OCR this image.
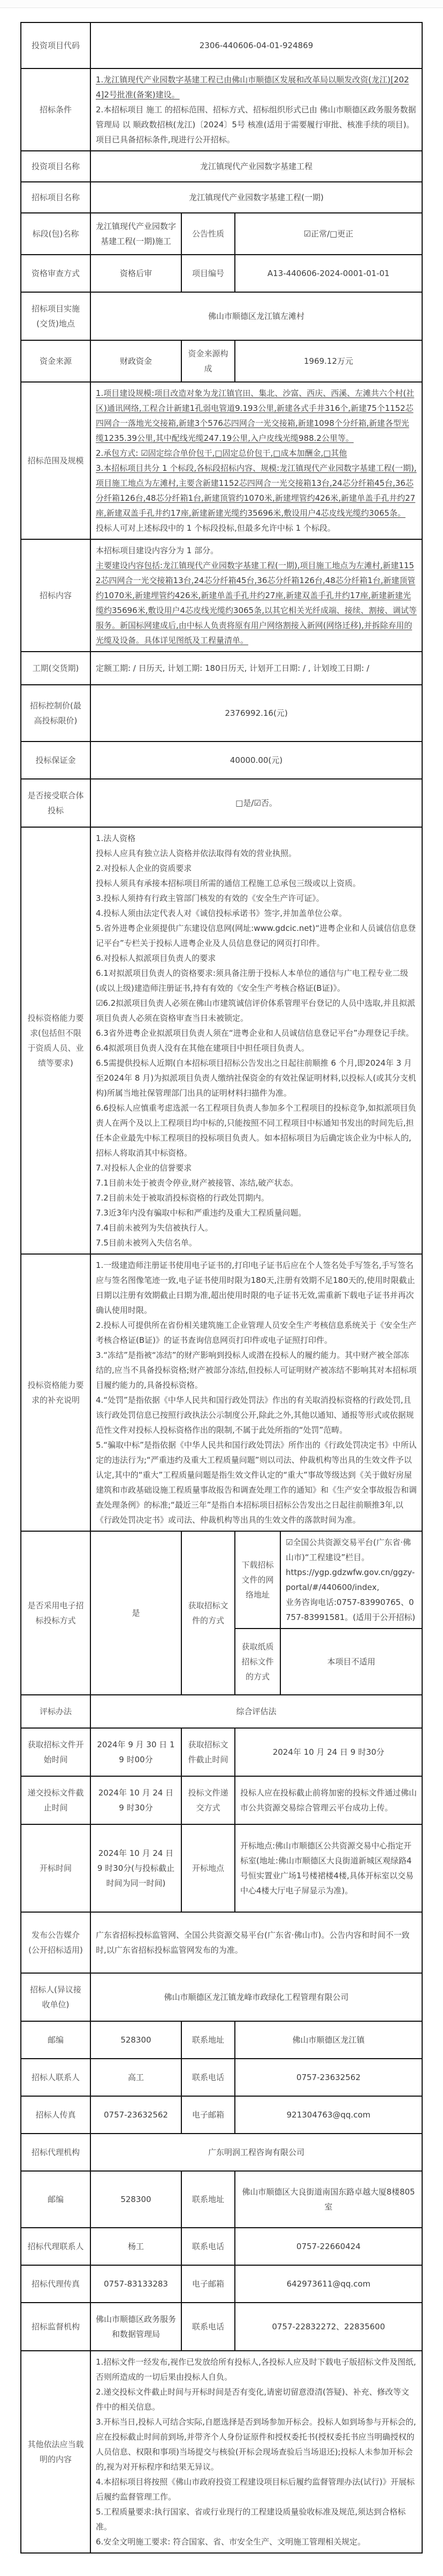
投资项目代码	2306-440606-04-01-924869			
招标条件	1.龙江镇现代产业园数字基建工程已由佛山市顺德区发展和改革局以顺发改资(龙江)[2024]2号批准(备案)建设。
2.本招标项目 施工 的招标范围、招标方式、招标组织形式已由 佛山市顺德区政务服务数据管理局 以 顺政数招核(龙江)〔2024〕5号 核准(适用于需要履行审批、核准手续的项目)。项目已具备招标条件,现进行公开招标。			

投资项目名称	龙江镇现代产业园数字基建工程			
招标项目名称	龙江镇现代产业园数字基建工程(一期)			
标段(包)名称	龙江镇现代产业园数字基建工程(一期)施工	公告性质	☑正常/□更正	
资格审查方式	资格后审	项目编号	A13-440606-2024-0001-01-01	
招标项目实施(交货)地点	佛山市顺德区龙江镇左滩村			
资金来源	财政资金	资金来源构成	1969.12万元	
招标范围及规模	1.项目建设规模:项目改造对象为龙江镇官田、集北、沙富、西庆、西溪、左滩共六个村(社区)通讯网络,工程合计新建1孔弱电管道9.193公里,新建各式手井316个,新建75个1152芯四网合一落地光交接箱,新建3个576芯四网合一光交接箱,新建1098个分纤箱,新建各型光缆1235.39公里,其中配线光缆247.19公里,入户皮线光缆988.2公里等。
2.承包方式: ☑固定综合单价包干,□固定总价包干,□成本加酬金,□其他
3.本招标项目共分 1 个标段,各标段招标内容、规模:龙江镇现代产业园数字基建工程(一期),项目施工地点为左滩村,主要含新建1152芯四网合一光交接箱13台,24芯分纤箱45台,36芯分纤箱126台,48芯分纤箱1台,新建顶管约1070米,新建埋管约426米,新建单盖手孔井约27座,新建双盖手孔井约17座,新建新建光缆约35696米,敷设用户4芯皮线光缆约3065条。
投标人可对上述标段中的 1 个标段投标,但最多允许中标 1 个标段。			

招标内容	本招标项目建设内容分为 1 部分。
主要建设内容包括:龙江镇现代产业园数字基建工程(一期),项目施工地点为左滩村,新建1152芯四网合一光交接箱13台,24芯分纤箱45台,36芯分纤箱126台,48芯分纤箱1台,新建顶管约1070米,新建埋管约426米,新建单盖手孔井约27座,新建双盖手孔井约17座,新建新建光缆约35696米,敷设用户4芯皮线光缆约3065条,以其它相关光纤成端、接续、割接、调试等服务。新国标网建成后,由中标人负责将原有用户网络割接入新网(网络迁移),并拆除弃用的光缆及设备。具体详见图纸及工程量清单。			

工期(交货期)	定额工期: / 日历天, 计划工期: 180日历天, 计划开工日期: / , 计划竣工日期: /			
招标控制价(最高投标限价)	2376992.16(元)			
投标保证金	40000.00(元)			
是否接受联合体投标	□是/☑否。			
投标资格能力要求(包括但不限于资质人员、业绩等要求)	
1.法人资格
投标人应具有独立法人资格并依法取得有效的营业执照。
2.对投标人企业的资质要求
投标人须具有承接本招标项目所需的通信工程施工总承包三级或以上资质。
3.投标人须持有行政主管部门核发的有效的《安全生产许可证》。
4.投标人须由法定代表人对《诚信投标承诺书》签字,并加盖单位公章。
5.省外进粤企业须提供广东建设信息网(网址:www.gdcic.net)“进粤企业和人员诚信信息登记平台”专栏关于投标人进粤企业及人员信息登记的网页打印件。
6.对投标人拟派项目负责人的要求
6.1对拟派项目负责人的资格要求:须具备注册于投标人本单位的通信与广电工程专业二级(或以上级)建造师注册证书,持有有效的《安全生产考核合格证(B证)》。
☑6.2拟派项目负责人必须在佛山市建筑诚信评价体系管理平台登记的人员中选取,并且拟派项目负责人必须在资格审查当日未被锁定。
6.3省外进粤企业拟派项目负责人须在“进粤企业和人员诚信信息登记平台”办理登记手续。
6.4拟派项目负责人没有在其他在建项目中担任项目负责人。
6.5需提供投标人近期(自本招标项目招标公告发出之日起往前顺推 6 个月,即2024年 3 月至2024年 8 月)为拟派项目负责人缴纳社保资金的有效社保证明材料,以投标人(或其分支机构)所属当地社保管理部门出具的证明材料扫描件为准。
6.6投标人应慎重考虑选派一名工程项目负责人参加多个工程项目的投标竞争,如拟派项目负责人在两个及以上工程项目均中标的,只能按照不同工程项目中标通知书发出的时间先后,担任本企业最先中标工程项目的投标项目负责人。如本招标项目为后确定该企业为中标人的,招标人将取消其中标资格。
7.对投标人企业的信誉要求
7.1目前未处于被责令停业,财产被接管、冻结,破产状态。
7.2目前未处于被取消投标资格的行政处罚期内。
7.3近3年内没有骗取中标和严重违约及重大工程质量问题。
7.4目前未被列为失信被执行人。
7.5目前未被列入失信名单。

投标资格能力要求的补充说明	1.一级建造师注册证书使用电子证书的,打印电子证书后应在个人签名处手写签名,手写签名应与签名图像笔迹一致,电子证书使用时限为180天,注册有效期不足180天的,使用时限截止日期以注册有效期截止日期为准,超出使用时限的电子证书无效,需重新下载电子证书并再次确认使用时限。
2.投标人可提供所在省份相关建筑施工企业管理人员安全生产考核信息系统关于《安全生产考核合格证(B证)》的证书查询信息网页打印件或电子证照打印件。
3.“冻结”是指被“冻结”的财产影响到投标人或潜在投标人的履约能力。其中财产被全部冻结的,应当不具备投标资格;财产被部分冻结,但投标人可证明财产被冻结不影响其对本招标项目履约能力的,具备投标资格。
4.“处罚”是指依据《中华人民共和国行政处罚法》作出的有关取消投标资格的行政处罚,且该行政处罚信息已按照行政执法公示制度公开,除此之外,其他以通知、通报等形式或依据规范性文件对投标人投标资格作出的限制,不属于此处所指的“处罚”范畴。
5.“骗取中标”是指依据《中华人民共和国行政处罚法》所作出的《行政处罚决定书》中所认定的违法行为;“严重违约及重大工程质量问题”则以司法、仲裁机构等出具的生效文件予以认定,其中的“重大”工程质量问题是指生效文件认定的“重大”事故等级达到《关于做好房屋建筑和市政基础设施工程质量事故报告和调查处理工作的通知》和《生产安全事故报告和调查处理条例》的标准;“最近三年”是指自本招标项目招标公告发出之日起往前顺推3年,以《行政处罚决定书》或司法、仲裁机构等出具的生效文件的落款时间为准。			

是否采用电子招标投标方式	是	获取招标文件的方式	下载招标文件的网络地址	☑全国公共资源交易平台(广东省·佛山市)“工程建设”栏目。
https://ygp.gdzwfw.gov.cn/ggzy-portal/#/440600/index,
业务咨询电话:0757-83990765、0757-83991581。(适用于公开招标)

			获取纸质招标文件的方式	本项目不适用
评标办法	综合评估法			
获取招标文件开始时间	2024年 9 月 30 日 19 时00分	获取招标文件截止时间	2024年 10 月 24 日 9 时30分	
递交投标文件截止时间	2024年 10 月 24 日 9 时30分	投标文件递交方式	投标人应在投标截止前将加密的投标文件通过佛山市公共资源交易综合管理云平台成功上传。	
开标时间	2024年 10 月 24 日 9 时30分(与投标截止时间为同一时间)	开标地点	开标地点:佛山市顺德区公共资源交易中心指定开标室(地址:佛山市顺德区大良街道新城区观绿路4号恒实置业广场1号楼裙楼4楼,具体开标室以交易中心4楼大厅电子屏显示为准)。	
发布公告媒介(公开招标适用)	广东省招标投标监管网、全国公共资源交易平台(广东省·佛山市)。公告内容和时间不一致时,以广东省招标投标监管网发布的为准。			
招标人(异议接收单位)	佛山市顺德区龙江镇龙峰市政绿化工程管理有限公司			
邮编	528300	联系地址	佛山市顺德区龙江镇	
招标人联系人	高工	联系电话	0757-23632562	
招标人传真	0757-23632562	电子邮箱	921304763@qq.com	
招标代理机构	广东明润工程咨询有限公司			
邮编	528300	联系地址	佛山市顺德区大良街道南国东路卓越大厦8楼805室	
招标代理联系人	杨工	联系电话	0757-22660424	
招标代理传真	0757-83133283	电子邮箱	642973611@qq.com	
招标监督机构	佛山市顺德区政务服务和数据管理局	联系电话	0757-22832272、22835600	
其他依法应当载明的内容	
1.招标文件一经发布,视作已发放给所有投标人,各投标人应及时下载电子版招标文件及图纸,否则所造成的一切后果由投标人自负。
2.递交投标文件截止时间与开标时间是否有变化,请密切留意澄清(答疑)、补充、修改等文件中的相关信息。
3.开标当日,投标人可结合实际,自愿选择是否到场参加开标会。投标人如到场参与开标会的,应在投标截止时间前到场,并带齐个人身份证原件和授权委托书(授权委托书应当明确授权的人员信息、权限和事项)当场提交与核验(开标会现场查验后当场退还);投标人未参加开标会的,视为对开标程序和结果无异议。
4.本招标项目将按照《佛山市政府投资工程建设项目标后履约监督管理办法(试行)》开展标后履约监督管理工作。
5.工程质量要求:执行国家、省或行业现行的工程建设质量验收标准及规范,须达到合格标准。
6.安全文明施工要求: 符合国家、省、市安全生产、文明施工管理相关规定。
